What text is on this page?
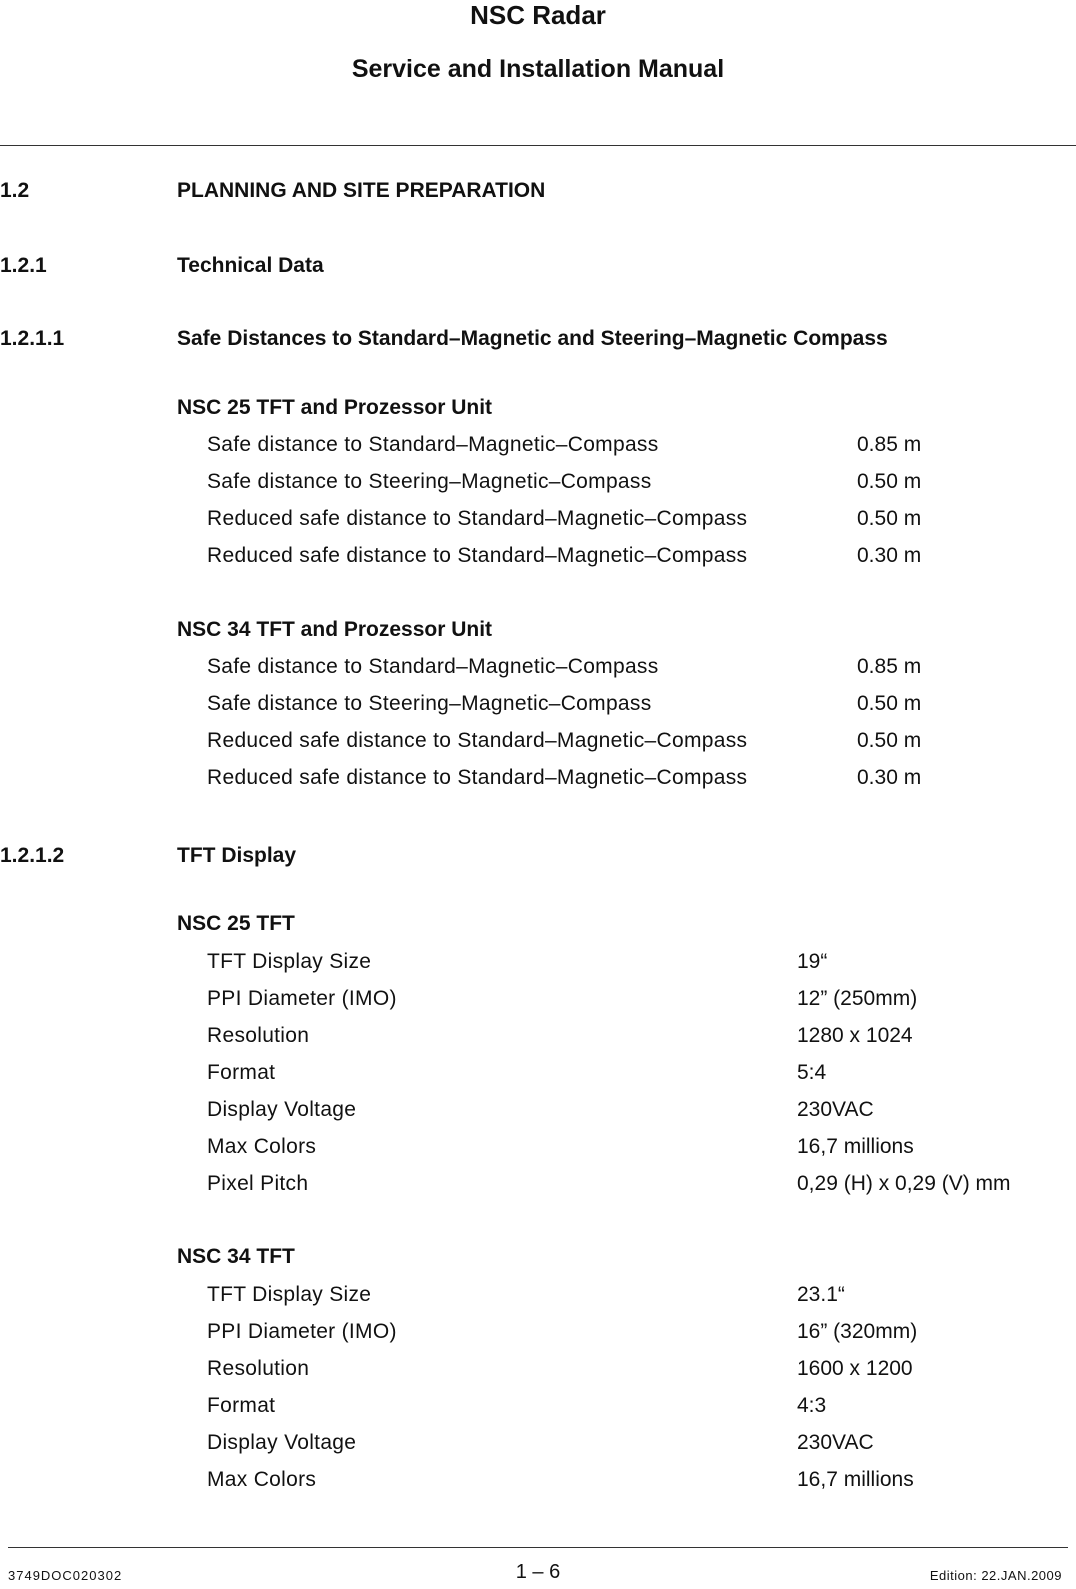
NSC Radar
Service and Installation Manual
1.2	PLANNING AND SITE PREPARATION
1.2.1	Technical Data
1.2.1.1	Safe Distances to Standard–Magnetic and Steering–Magnetic Compass
NSC 25 TFT and Prozessor Unit
Safe distance to Standard–Magnetic–Compass	0.85 m
Safe distance to Steering–Magnetic–Compass	0.50 m
Reduced safe distance to Standard–Magnetic–Compass	0.50 m
Reduced safe distance to Standard–Magnetic–Compass	0.30 m
NSC 34 TFT and Prozessor Unit
Safe distance to Standard–Magnetic–Compass	0.85 m
Safe distance to Steering–Magnetic–Compass	0.50 m
Reduced safe distance to Standard–Magnetic–Compass	0.50 m
Reduced safe distance to Standard–Magnetic–Compass	0.30 m
1.2.1.2	TFT Display
NSC 25 TFT
TFT Display Size	19“
PPI Diameter (IMO)	12” (250mm)
Resolution	1280 x 1024
Format	5:4
Display Voltage	230VAC
Max Colors	16,7 millions
Pixel Pitch	0,29 (H) x 0,29 (V) mm
NSC 34 TFT
TFT Display Size	23.1“
PPI Diameter (IMO)	16” (320mm)
Resolution	1600 x 1200
Format	4:3
Display Voltage	230VAC
Max Colors	16,7 millions
3749DOC020302	1 – 6	Edition: 22.JAN.2009
